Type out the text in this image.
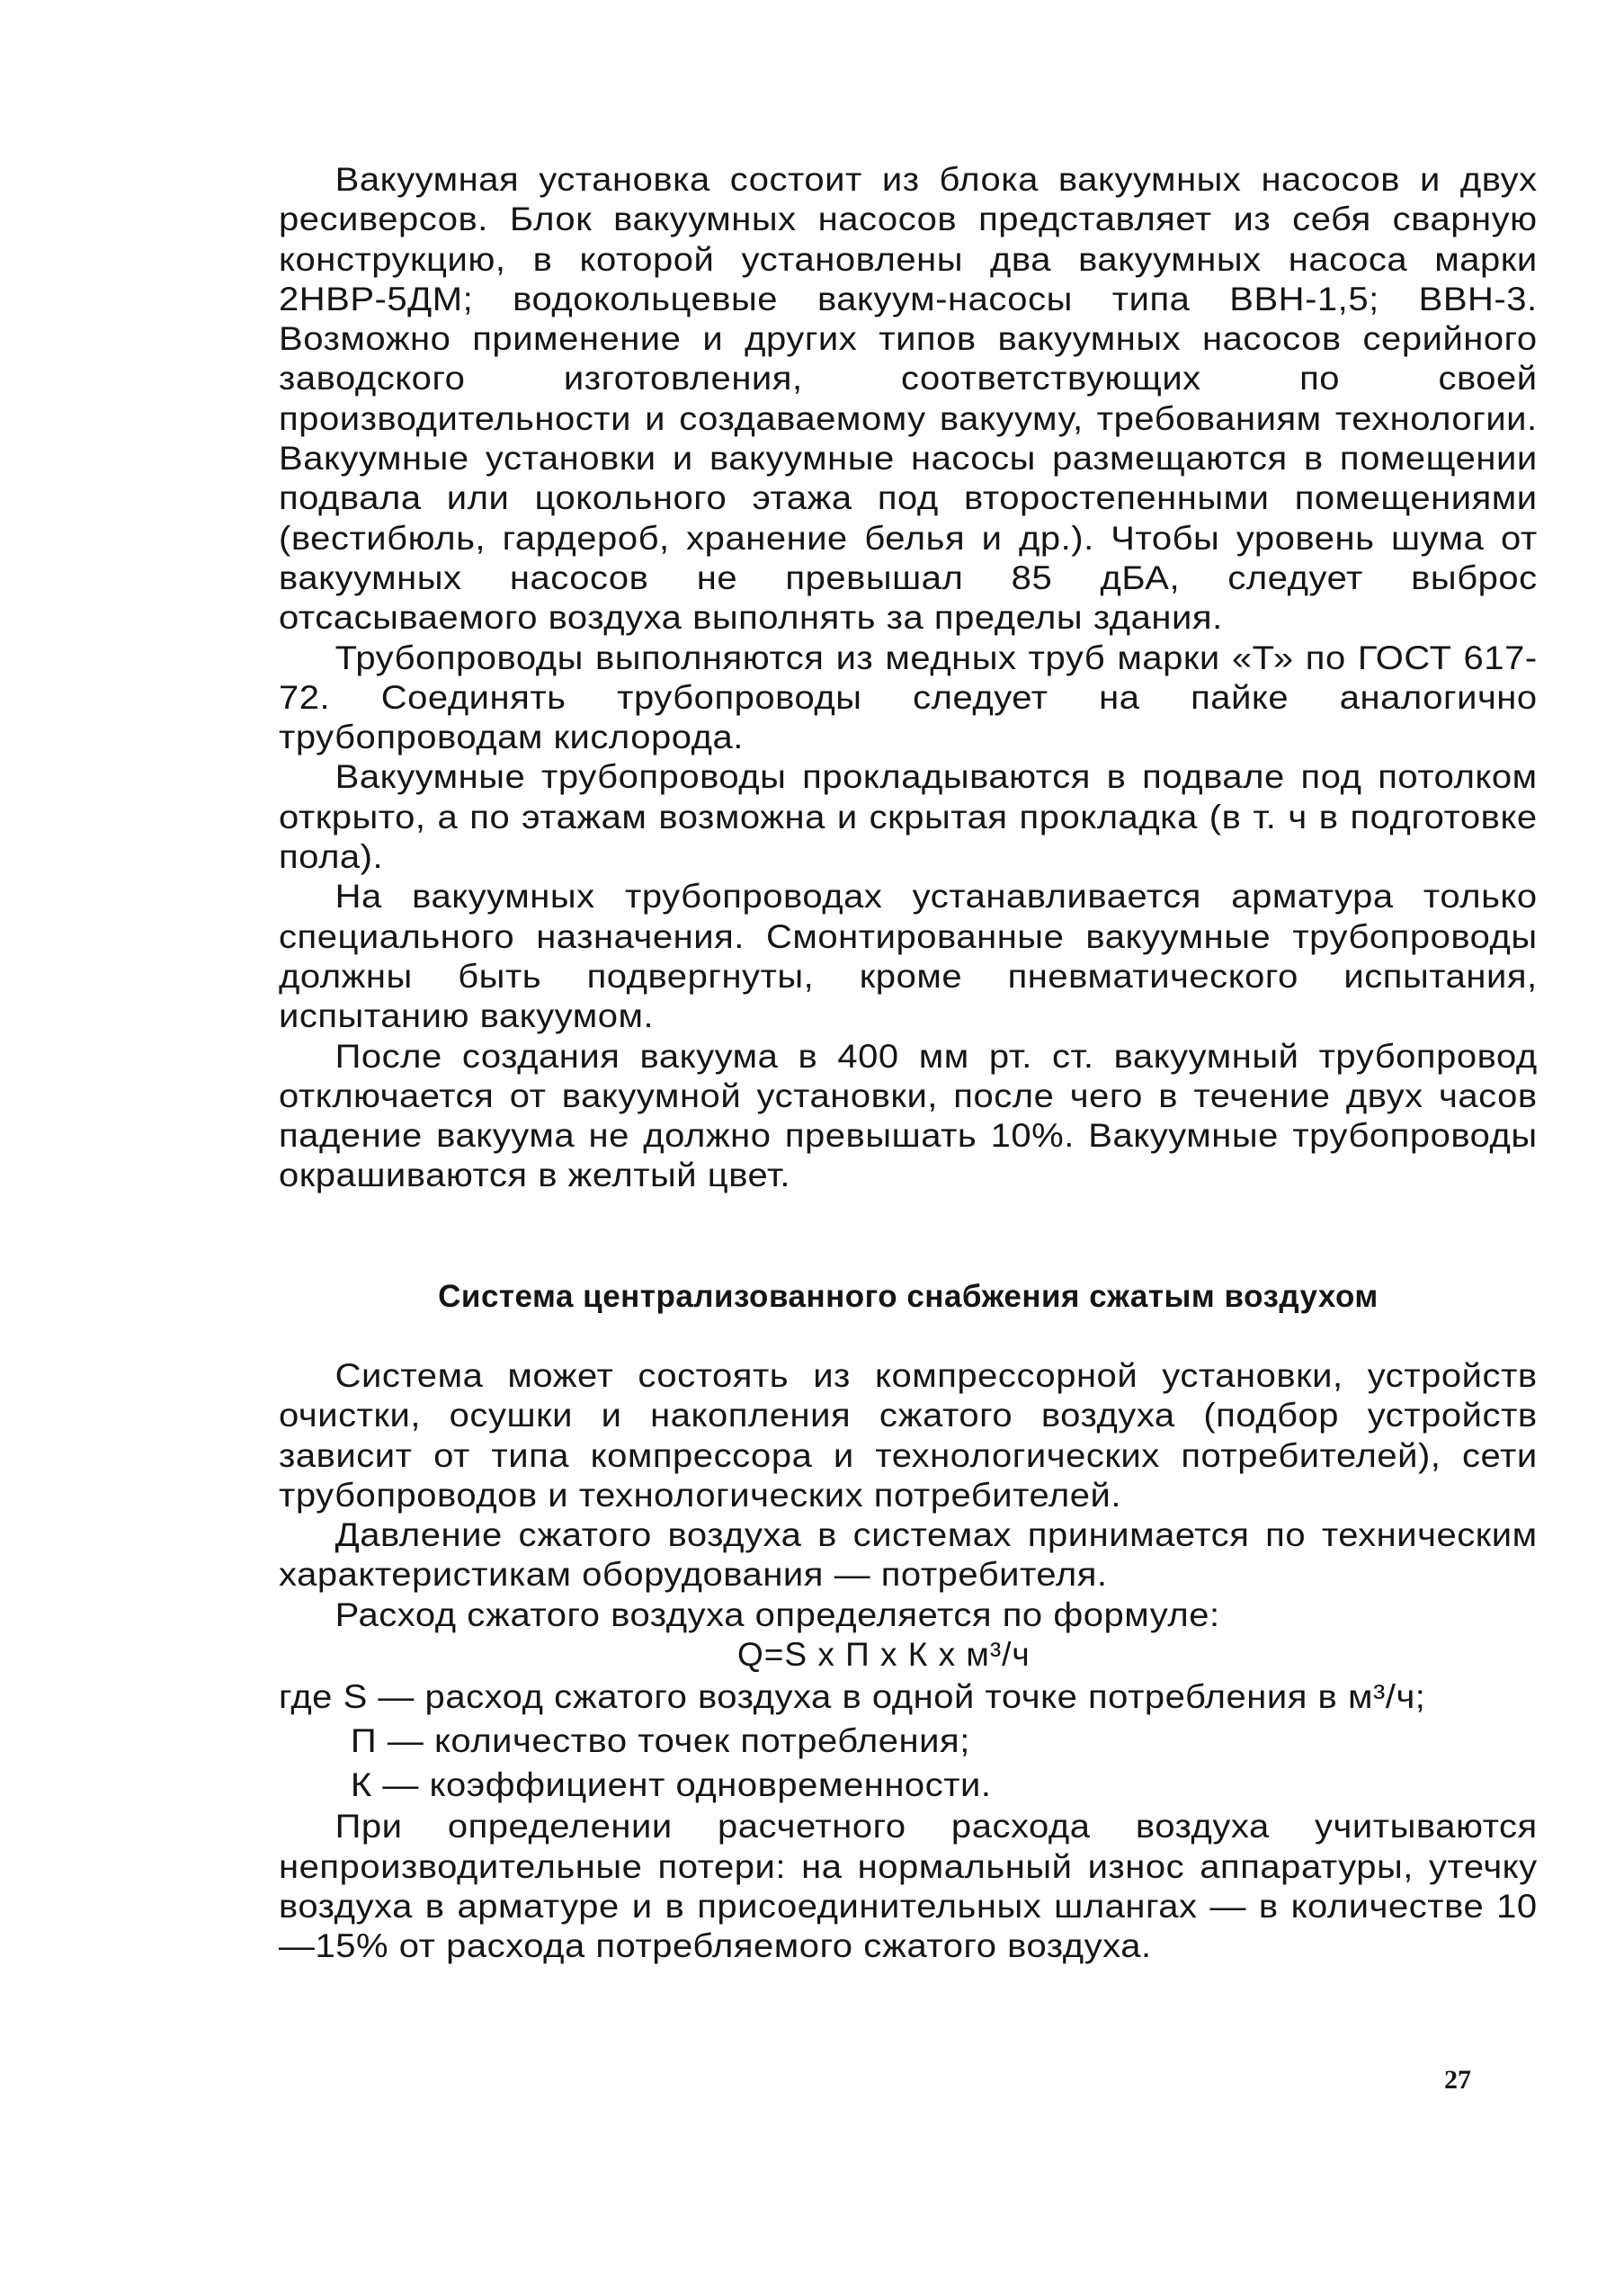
Вакуумная установка состоит из блока вакуумных насосов и двух ресиверсов. Блок вакуумных насосов представляет из себя сварную конструкцию, в которой установлены два вакуумных насоса марки 2НВР-5ДМ; водокольцевые вакуум-насосы типа ВВН-1,5; ВВН-3. Возможно применение и других типов вакуумных насосов серийного заводского изготовления, соответствующих по своей производительности и создаваемому вакууму, требованиям технологии. Вакуумные установки и вакуумные насосы размещаются в помещении подвала или цокольного этажа под второстепенными помещениями (вестибюль, гардероб, хранение белья и др.). Чтобы уровень шума от вакуумных насосов не превышал 85 дБА, следует выброс отсасываемого воздуха выполнять за пределы здания.

Трубопроводы выполняются из медных труб марки «Т» по ГОСТ 617-72. Соединять трубопроводы следует на пайке аналогично трубопроводам кислорода.

Вакуумные трубопроводы прокладываются в подвале под потолком открыто, а по этажам возможна и скрытая прокладка (в т. ч в подготовке пола).

На вакуумных трубопроводах устанавливается арматура только специального назначения. Смонтированные вакуумные трубопроводы должны быть подвергнуты, кроме пневматического испытания, испытанию вакуумом.

После создания вакуума в 400 мм рт. ст. вакуумный трубопровод отключается от вакуумной установки, после чего в течение двух часов падение вакуума не должно превышать 10%. Вакуумные трубопроводы окрашиваются в желтый цвет.

Система централизованного снабжения сжатым воздухом

Система может состоять из компрессорной установки, устройств очистки, осушки и накопления сжатого воздуха (подбор устройств зависит от типа компрессора и технологических потребителей), сети трубопроводов и технологических потребителей.

Давление сжатого воздуха в системах принимается по техническим характеристикам оборудования — потребителя.

Расход сжатого воздуха определяется по формуле:

Q=S х П х К х м³/ч
где S — расход сжатого воздуха в одной точке потребления в м³/ч;
П — количество точек потребления;
К — коэффициент одновременности.

При определении расчетного расхода воздуха учитываются непроизводительные потери: на нормальный износ аппаратуры, утечку воздуха в арматуре и в присоединительных шлангах — в количестве 10—15% от расхода потребляемого сжатого воздуха.

27
